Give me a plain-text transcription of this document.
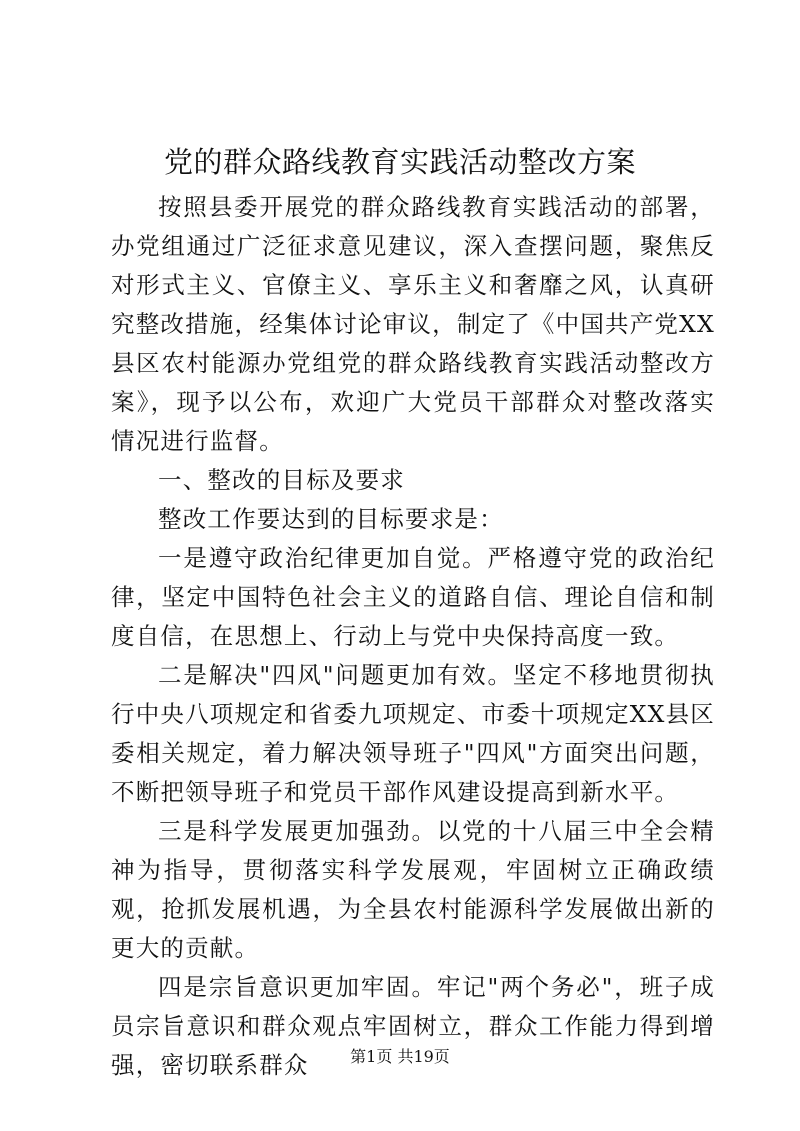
党的群众路线教育实践活动整改方案

按照县委开展党的群众路线教育实践活动的部署，办党组通过广泛征求意见建议，深入查摆问题，聚焦反对形式主义、官僚主义、享乐主义和奢靡之风，认真研究整改措施，经集体讨论审议，制定了《中国共产党XX县区农村能源办党组党的群众路线教育实践活动整改方案》，现予以公布，欢迎广大党员干部群众对整改落实情况进行监督。

一、整改的目标及要求

整改工作要达到的目标要求是：

一是遵守政治纪律更加自觉。严格遵守党的政治纪律，坚定中国特色社会主义的道路自信、理论自信和制度自信，在思想上、行动上与党中央保持高度一致。

二是解决"四风"问题更加有效。坚定不移地贯彻执行中央八项规定和省委九项规定、市委十项规定XX县区委相关规定，着力解决领导班子"四风"方面突出问题，不断把领导班子和党员干部作风建设提高到新水平。

三是科学发展更加强劲。以党的十八届三中全会精神为指导，贯彻落实科学发展观，牢固树立正确政绩观，抢抓发展机遇，为全县农村能源科学发展做出新的更大的贡献。

四是宗旨意识更加牢固。牢记"两个务必"，班子成员宗旨意识和群众观点牢固树立，群众工作能力得到增强，密切联系群众	第1页 共19页
